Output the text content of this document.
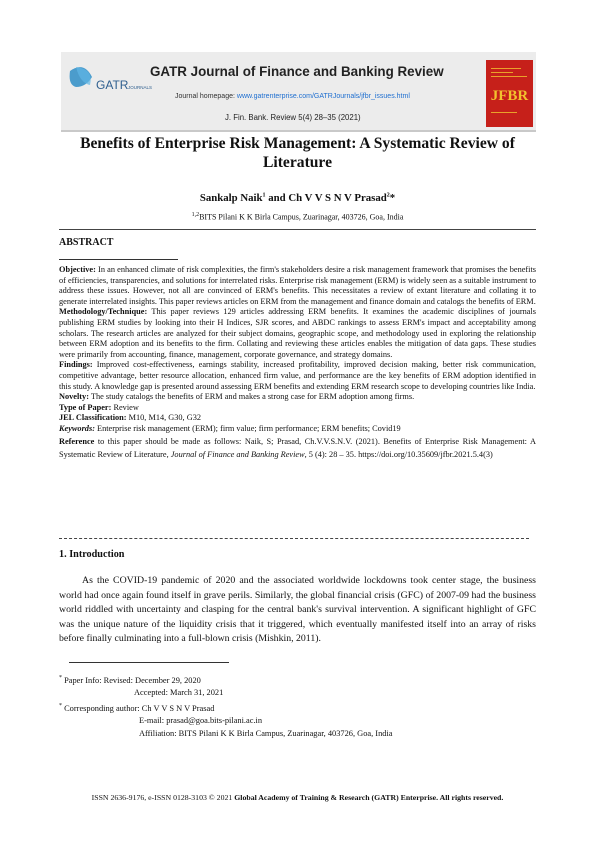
GATR JOURNALS
GATR Journal of Finance and Banking Review
Journal homepage: www.gatrenterprise.com/GATRJournals/jfbr_issues.html
J. Fin. Bank. Review 5(4) 28–35 (2021)
JFBR
Benefits of Enterprise Risk Management: A Systematic Review of Literature
Sankalp Naik$^1$ and Ch V V S N V Prasad$^2$*
$^{1,2}$BITS Pilani K K Birla Campus, Zuarinagar, 403726, Goa, India
ABSTRACT

Objective: In an enhanced climate of risk complexities, the firm's stakeholders desire a risk management framework that promises the benefits of efficiencies, transparencies, and solutions for interrelated risks. Enterprise risk management (ERM) is widely seen as a suitable instrument to address these issues. However, not all are convinced of ERM's benefits. This necessitates a review of extant literature and collating it to generate interrelated insights. This paper reviews articles on ERM from the management and finance domain and catalogs the benefits of ERM.

Methodology/Technique: This paper reviews 129 articles addressing ERM benefits. It examines the academic disciplines of journals publishing ERM studies by looking into their H Indices, SJR scores, and ABDC rankings to assess ERM's impact and acceptability among scholars. The research articles are analyzed for their subject domains, geographic scope, and methodology used in exploring the relationship between ERM adoption and its benefits to the firm. Collating and reviewing these articles enables the mitigation of data gaps. These studies were primarily from accounting, finance, management, corporate governance, and strategy domains.

Findings: Improved cost-effectiveness, earnings stability, increased profitability, improved decision making, better risk communication, competitive advantage, better resource allocation, enhanced firm value, and performance are the key benefits of ERM adoption identified in this study. A knowledge gap is presented around assessing ERM benefits and extending ERM research scope to developing countries like India.

Novelty: The study catalogs the benefits of ERM and makes a strong case for ERM adoption among firms.

Type of Paper: Review

JEL Classification: M10, M14, G30, G32

Keywords: Enterprise risk management (ERM); firm value; firm performance; ERM benefits; Covid19

Reference to this paper should be made as follows: Naik, S; Prasad, Ch.V.V.S.N.V. (2021). Benefits of Enterprise Risk Management: A Systematic Review of Literature, Journal of Finance and Banking Review, 5 (4): 28 – 35. https://doi.org/10.35609/jfbr.2021.5.4(3)

1. Introduction

As the COVID-19 pandemic of 2020 and the associated worldwide lockdowns took center stage, the business world had once again found itself in grave perils. Similarly, the global financial crisis (GFC) of 2007-09 had the business world riddled with uncertainty and clasping for the central bank's survival intervention. A significant highlight of GFC was the unique nature of the liquidity crisis that it triggered, which eventually manifested itself into an array of risks before finally culminating into a full-blown crisis (Mishkin, 2011).

* Paper Info: Revised: December 29, 2020
Accepted: March 31, 2021
* Corresponding author: Ch V V S N V Prasad
E-mail: prasad@goa.bits-pilani.ac.in
Affiliation: BITS Pilani K K Birla Campus, Zuarinagar, 403726, Goa, India
ISSN 2636-9176, e-ISSN 0128-3103 © 2021 Global Academy of Training & Research (GATR) Enterprise. All rights reserved.
